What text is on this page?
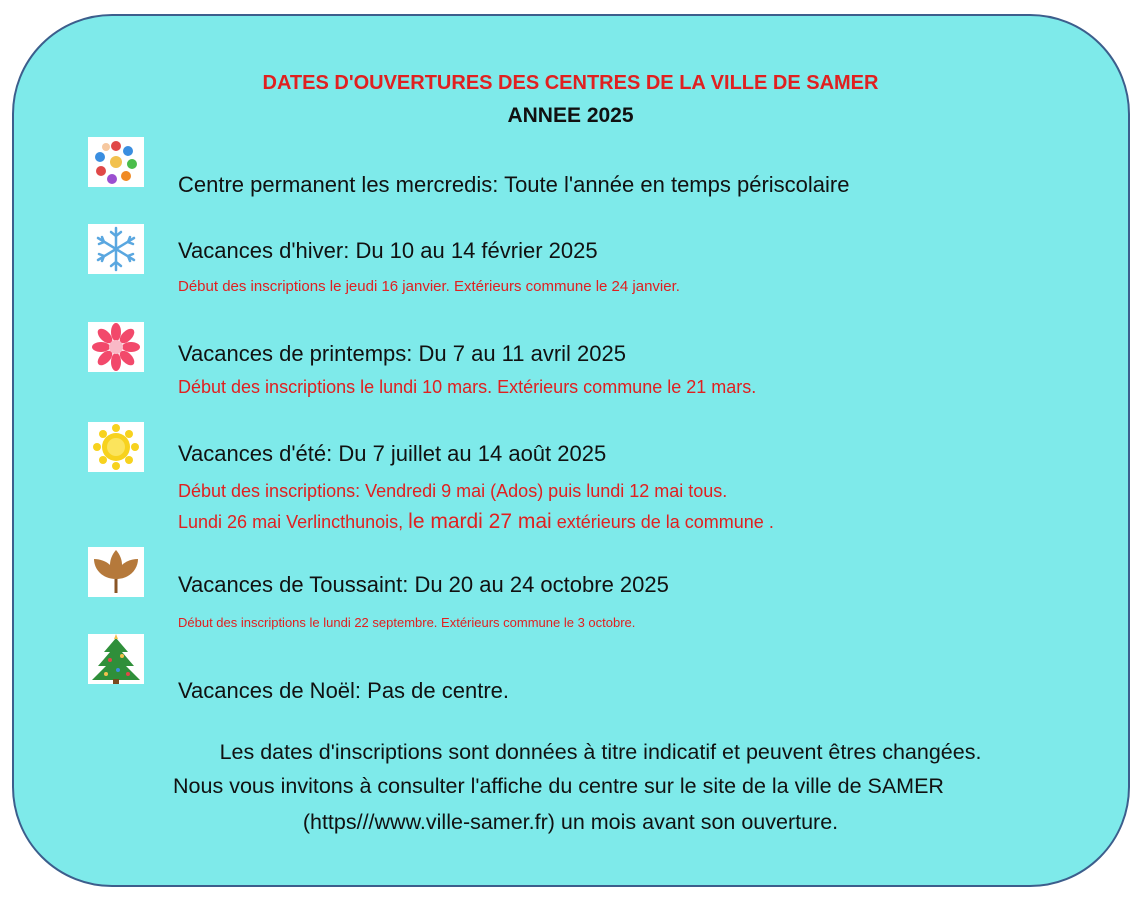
DATES D'OUVERTURES DES CENTRES DE LA VILLE DE SAMER
ANNEE 2025
Centre permanent les mercredis: Toute l'année en temps périscolaire
Vacances d'hiver: Du 10 au 14 février 2025
Début des inscriptions le jeudi 16 janvier. Extérieurs commune le 24 janvier.
Vacances de printemps: Du 7 au 11 avril 2025
Début des inscriptions le lundi 10 mars. Extérieurs commune le 21 mars.
Vacances d'été: Du 7 juillet au 14 août 2025
Début des inscriptions: Vendredi 9 mai (Ados) puis lundi 12 mai tous.
Lundi 26 mai Verlincthunois, le mardi 27 mai extérieurs de la commune .
Vacances de Toussaint: Du 20 au 24 octobre 2025
Début des inscriptions le lundi 22 septembre. Extérieurs commune le 3 octobre.
Vacances de Noël: Pas de centre.
Les dates d'inscriptions sont données à titre indicatif et peuvent êtres changées.
Nous vous invitons à consulter l'affiche du centre sur le site de la ville de SAMER
(https///www.ville-samer.fr) un mois avant son ouverture.
